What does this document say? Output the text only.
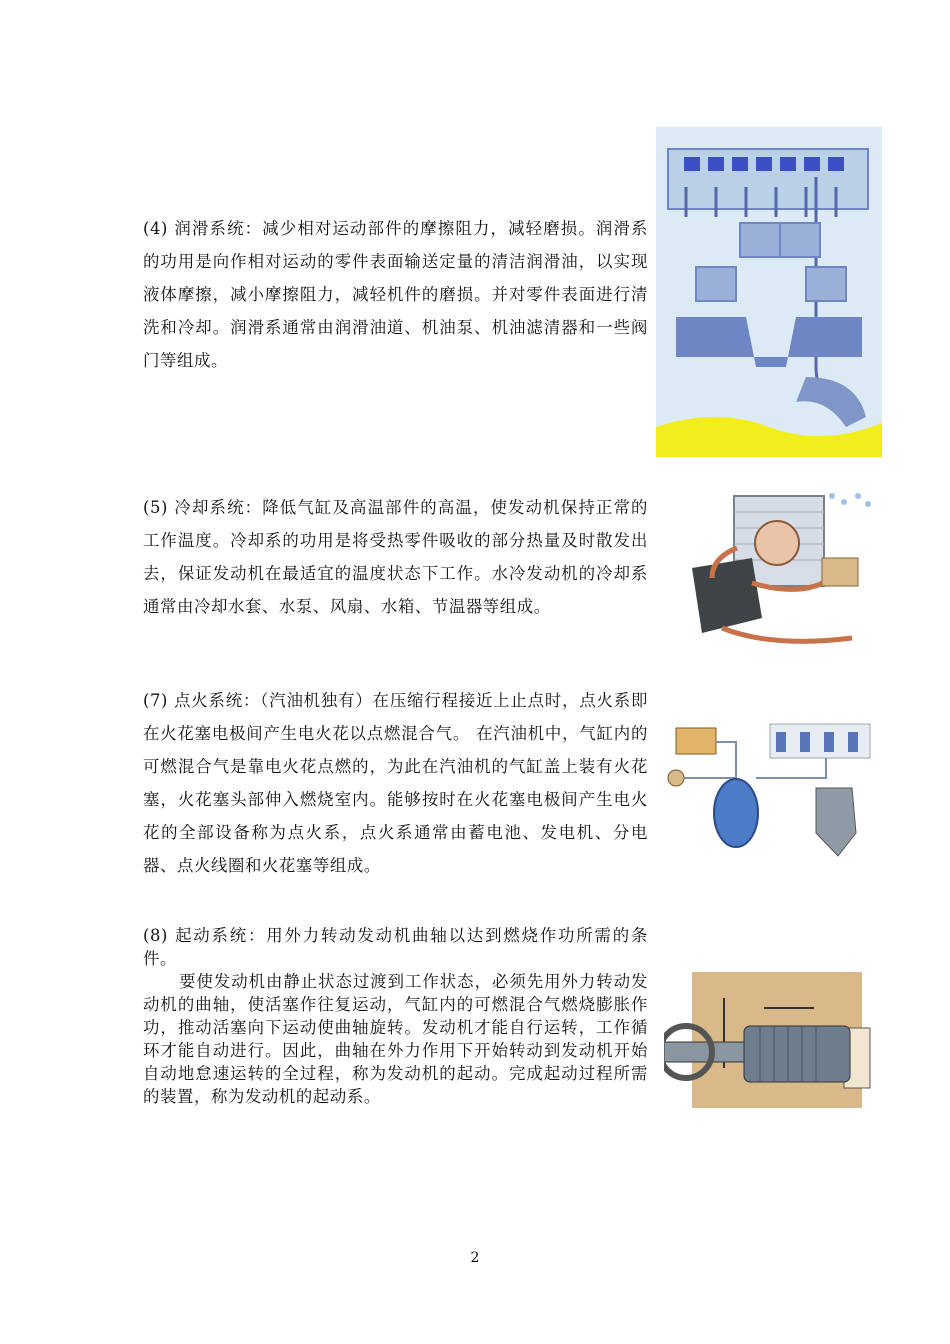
(4) 润滑系统：减少相对运动部件的摩擦阻力，减轻磨损。润滑系的功用是向作相对运动的零件表面输送定量的清洁润滑油，以实现液体摩擦，减小摩擦阻力，减轻机件的磨损。并对零件表面进行清洗和冷却。润滑系通常由润滑油道、机油泵、机油滤清器和一些阀门等组成。

(5) 冷却系统：降低气缸及高温部件的高温，使发动机保持正常的工作温度。冷却系的功用是将受热零件吸收的部分热量及时散发出去，保证发动机在最适宜的温度状态下工作。水冷发动机的冷却系通常由冷却水套、水泵、风扇、水箱、节温器等组成。

(7) 点火系统：（汽油机独有）在压缩行程接近上止点时，点火系即在火花塞电极间产生电火花以点燃混合气。 在汽油机中，气缸内的可燃混合气是靠电火花点燃的，为此在汽油机的气缸盖上装有火花塞，火花塞头部伸入燃烧室内。能够按时在火花塞电极间产生电火花的全部设备称为点火系，点火系通常由蓄电池、发电机、分电器、点火线圈和火花塞等组成。

(8) 起动系统：用外力转动发动机曲轴以达到燃烧作功所需的条件。

要使发动机由静止状态过渡到工作状态，必须先用外力转动发动机的曲轴，使活塞作往复运动，气缸内的可燃混合气燃烧膨胀作功，推动活塞向下运动使曲轴旋转。发动机才能自行运转，工作循环才能自动进行。因此，曲轴在外力作用下开始转动到发动机开始自动地怠速运转的全过程，称为发动机的起动。完成起动过程所需的装置，称为发动机的起动系。

2
